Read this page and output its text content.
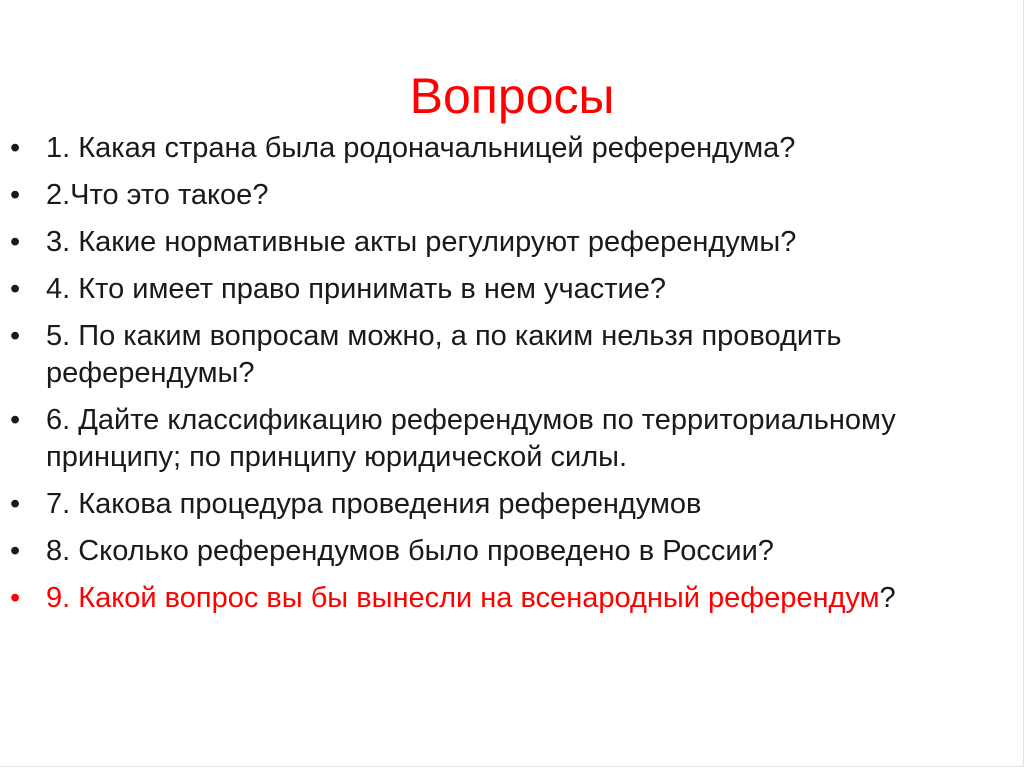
Вопросы
• 1. Какая страна была родоначальницей референдума?
• 2.Что это такое?
• 3. Какие нормативные акты регулируют референдумы?
• 4. Кто имеет право принимать в нем участие?
• 5. По каким вопросам можно, а по каким нельзя проводить референдумы?
• 6. Дайте классификацию референдумов по территориальному принципу; по принципу юридической силы.
• 7. Какова процедура проведения референдумов
• 8. Сколько референдумов было проведено в России?
• 9. Какой вопрос вы бы вынесли на всенародный референдум?
